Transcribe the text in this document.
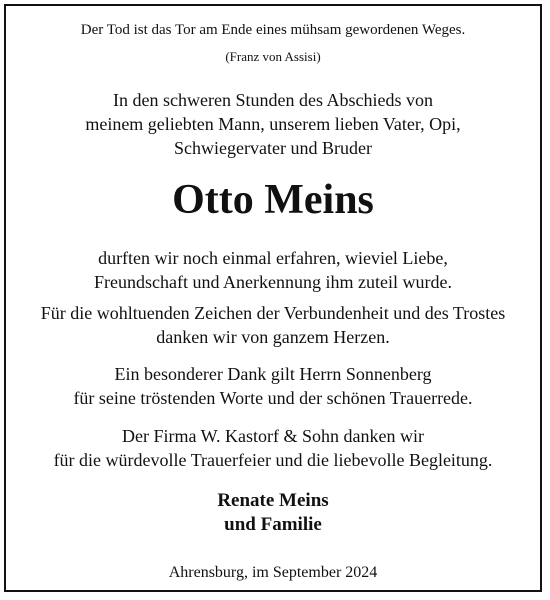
Der Tod ist das Tor am Ende eines mühsam gewordenen Weges.
(Franz von Assisi)
In den schweren Stunden des Abschieds von
meinem geliebten Mann, unserem lieben Vater, Opi,
Schwiegervater und Bruder
Otto Meins
durften wir noch einmal erfahren, wieviel Liebe,
Freundschaft und Anerkennung ihm zuteil wurde.
Für die wohltuenden Zeichen der Verbundenheit und des Trostes
danken wir von ganzem Herzen.
Ein besonderer Dank gilt Herrn Sonnenberg
für seine tröstenden Worte und der schönen Trauerrede.
Der Firma W. Kastorf & Sohn danken wir
für die würdevolle Trauerfeier und die liebevolle Begleitung.
Renate Meins
und Familie
Ahrensburg, im September 2024
